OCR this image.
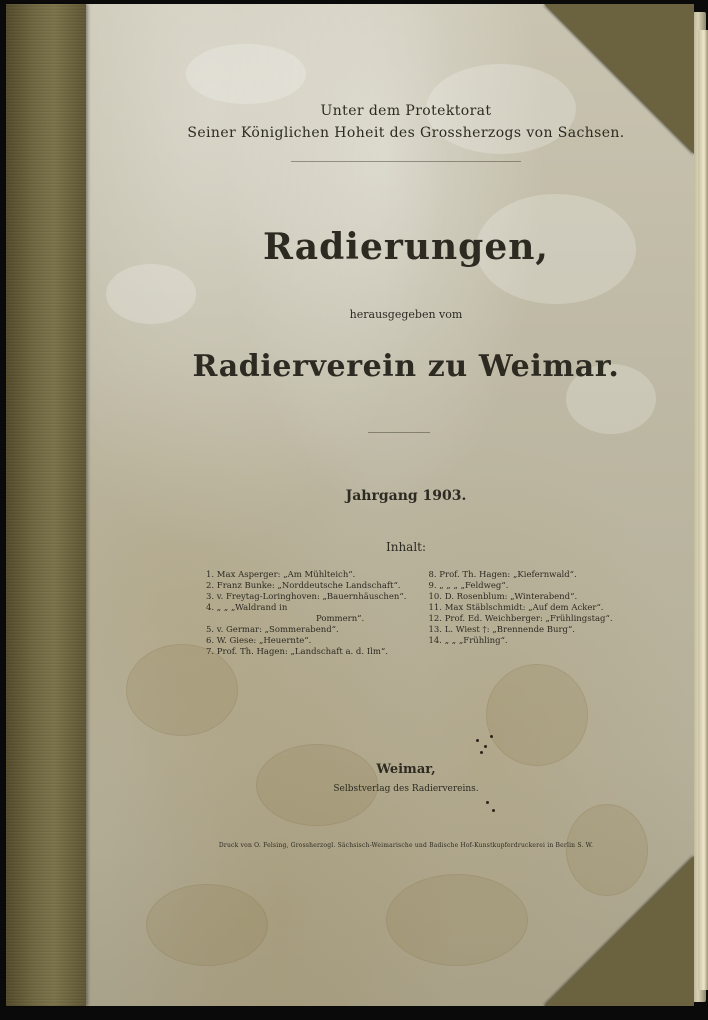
Unter dem Protektorat
Seiner Königlichen Hoheit des Grossherzogs von Sachsen.
Radierungen,
herausgegeben vom
Radierverein zu Weimar.
Jahrgang 1903.
Inhalt:
1. Max Asperger: „Am Mühlteich“.
2. Franz Bunke: „Norddeutsche Landschaft“.
3. v. Freytag-Loringhoven: „Bauernhäuschen“.
4. „ „ „Waldrand in
Pommern“.
5. v. Germar: „Sommerabend“.
6. W. Giese: „Heuernte“.
7. Prof. Th. Hagen: „Landschaft a. d. Ilm“.
8. Prof. Th. Hagen: „Kiefernwald“.
9. „ „ „ „Feldweg“.
10. D. Rosenblum: „Winterabend“.
11. Max Stäblschmidt: „Auf dem Acker“.
12. Prof. Ed. Weichberger: „Frühlingstag“.
13. L. Wiest †: „Brennende Burg“.
14. „ „ „Frühling“.
Weimar,
Selbstverlag des Radiervereins.
Druck von O. Felsing, Grossherzogl. Sächsisch-Weimarische und Badische Hof-Kunstkupferdruckerei in Berlin S. W.
